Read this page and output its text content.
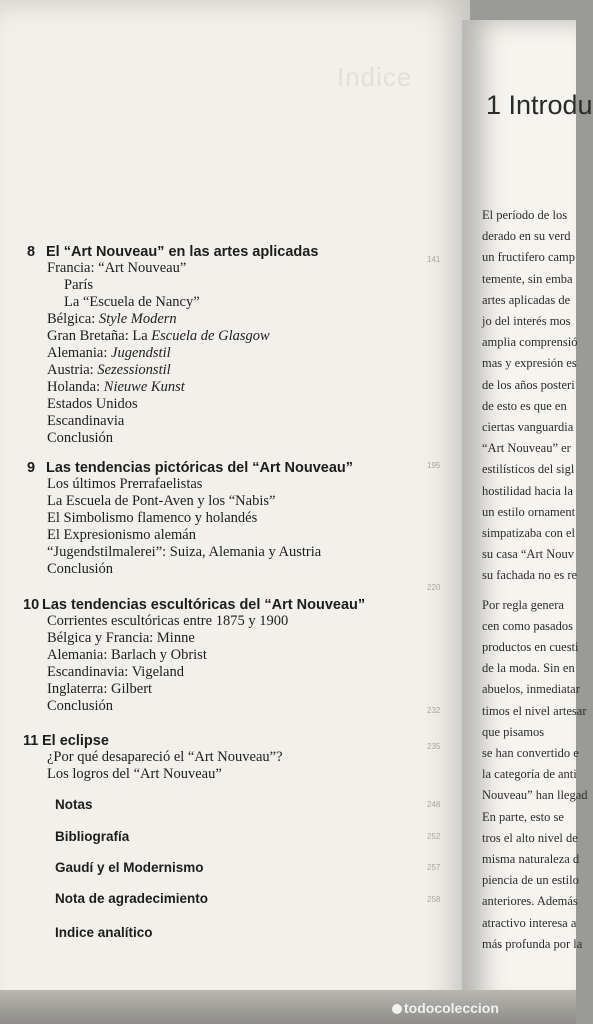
Indice
141
195
220
232
235
248
252
257
258
8 El “Art Nouveau” en las artes aplicadas
Francia: “Art Nouveau”
París
La “Escuela de Nancy”
Bélgica: Style Modern
Gran Bretaña: La Escuela de Glasgow
Alemania: Jugendstil
Austria: Sezessionstil
Holanda: Nieuwe Kunst
Estados Unidos
Escandinavia
Conclusión
9 Las tendencias pictóricas del “Art Nouveau”
Los últimos Prerrafaelistas
La Escuela de Pont-Aven y los “Nabis”
El Simbolismo flamenco y holandés
El Expresionismo alemán
“Jugendstilmalerei”: Suiza, Alemania y Austria
Conclusión
10 Las tendencias escultóricas del “Art Nouveau”
Corrientes escultóricas entre 1875 y 1900
Bélgica y Francia: Minne
Alemania: Barlach y Obrist
Escandinavia: Vigeland
Inglaterra: Gilbert
Conclusión
11 El eclipse
¿Por qué desapareció el “Art Nouveau”?
Los logros del “Art Nouveau”
Notas
Bibliografía
Gaudí y el Modernismo
Nota de agradecimiento
Indice analítico
1 Introdu
El período de los
derado en su verd
un fructifero camp
temente, sin emba
artes aplicadas de
jo del interés mos
amplia comprensió
mas y expresión es
de los años posteri
de esto es que en
ciertas vanguardia
“Art Nouveau” er
estilísticos del sigl
hostilidad hacia la
un estilo ornament
simpatizaba con el
su casa “Art Nouv
su fachada no es re
Por regla genera
cen como pasados
productos en cuesti
de la moda. Sin en
abuelos, inmediatar
timos el nivel artesar
que pisamos
se han convertido e
la categoría de anti
Nouveau” han llegad
En parte, esto se
tros el alto nivel de
misma naturaleza d
piencia de un estilo
anteriores. Además
atractivo interesa a
más profunda por la
todocoleccion
